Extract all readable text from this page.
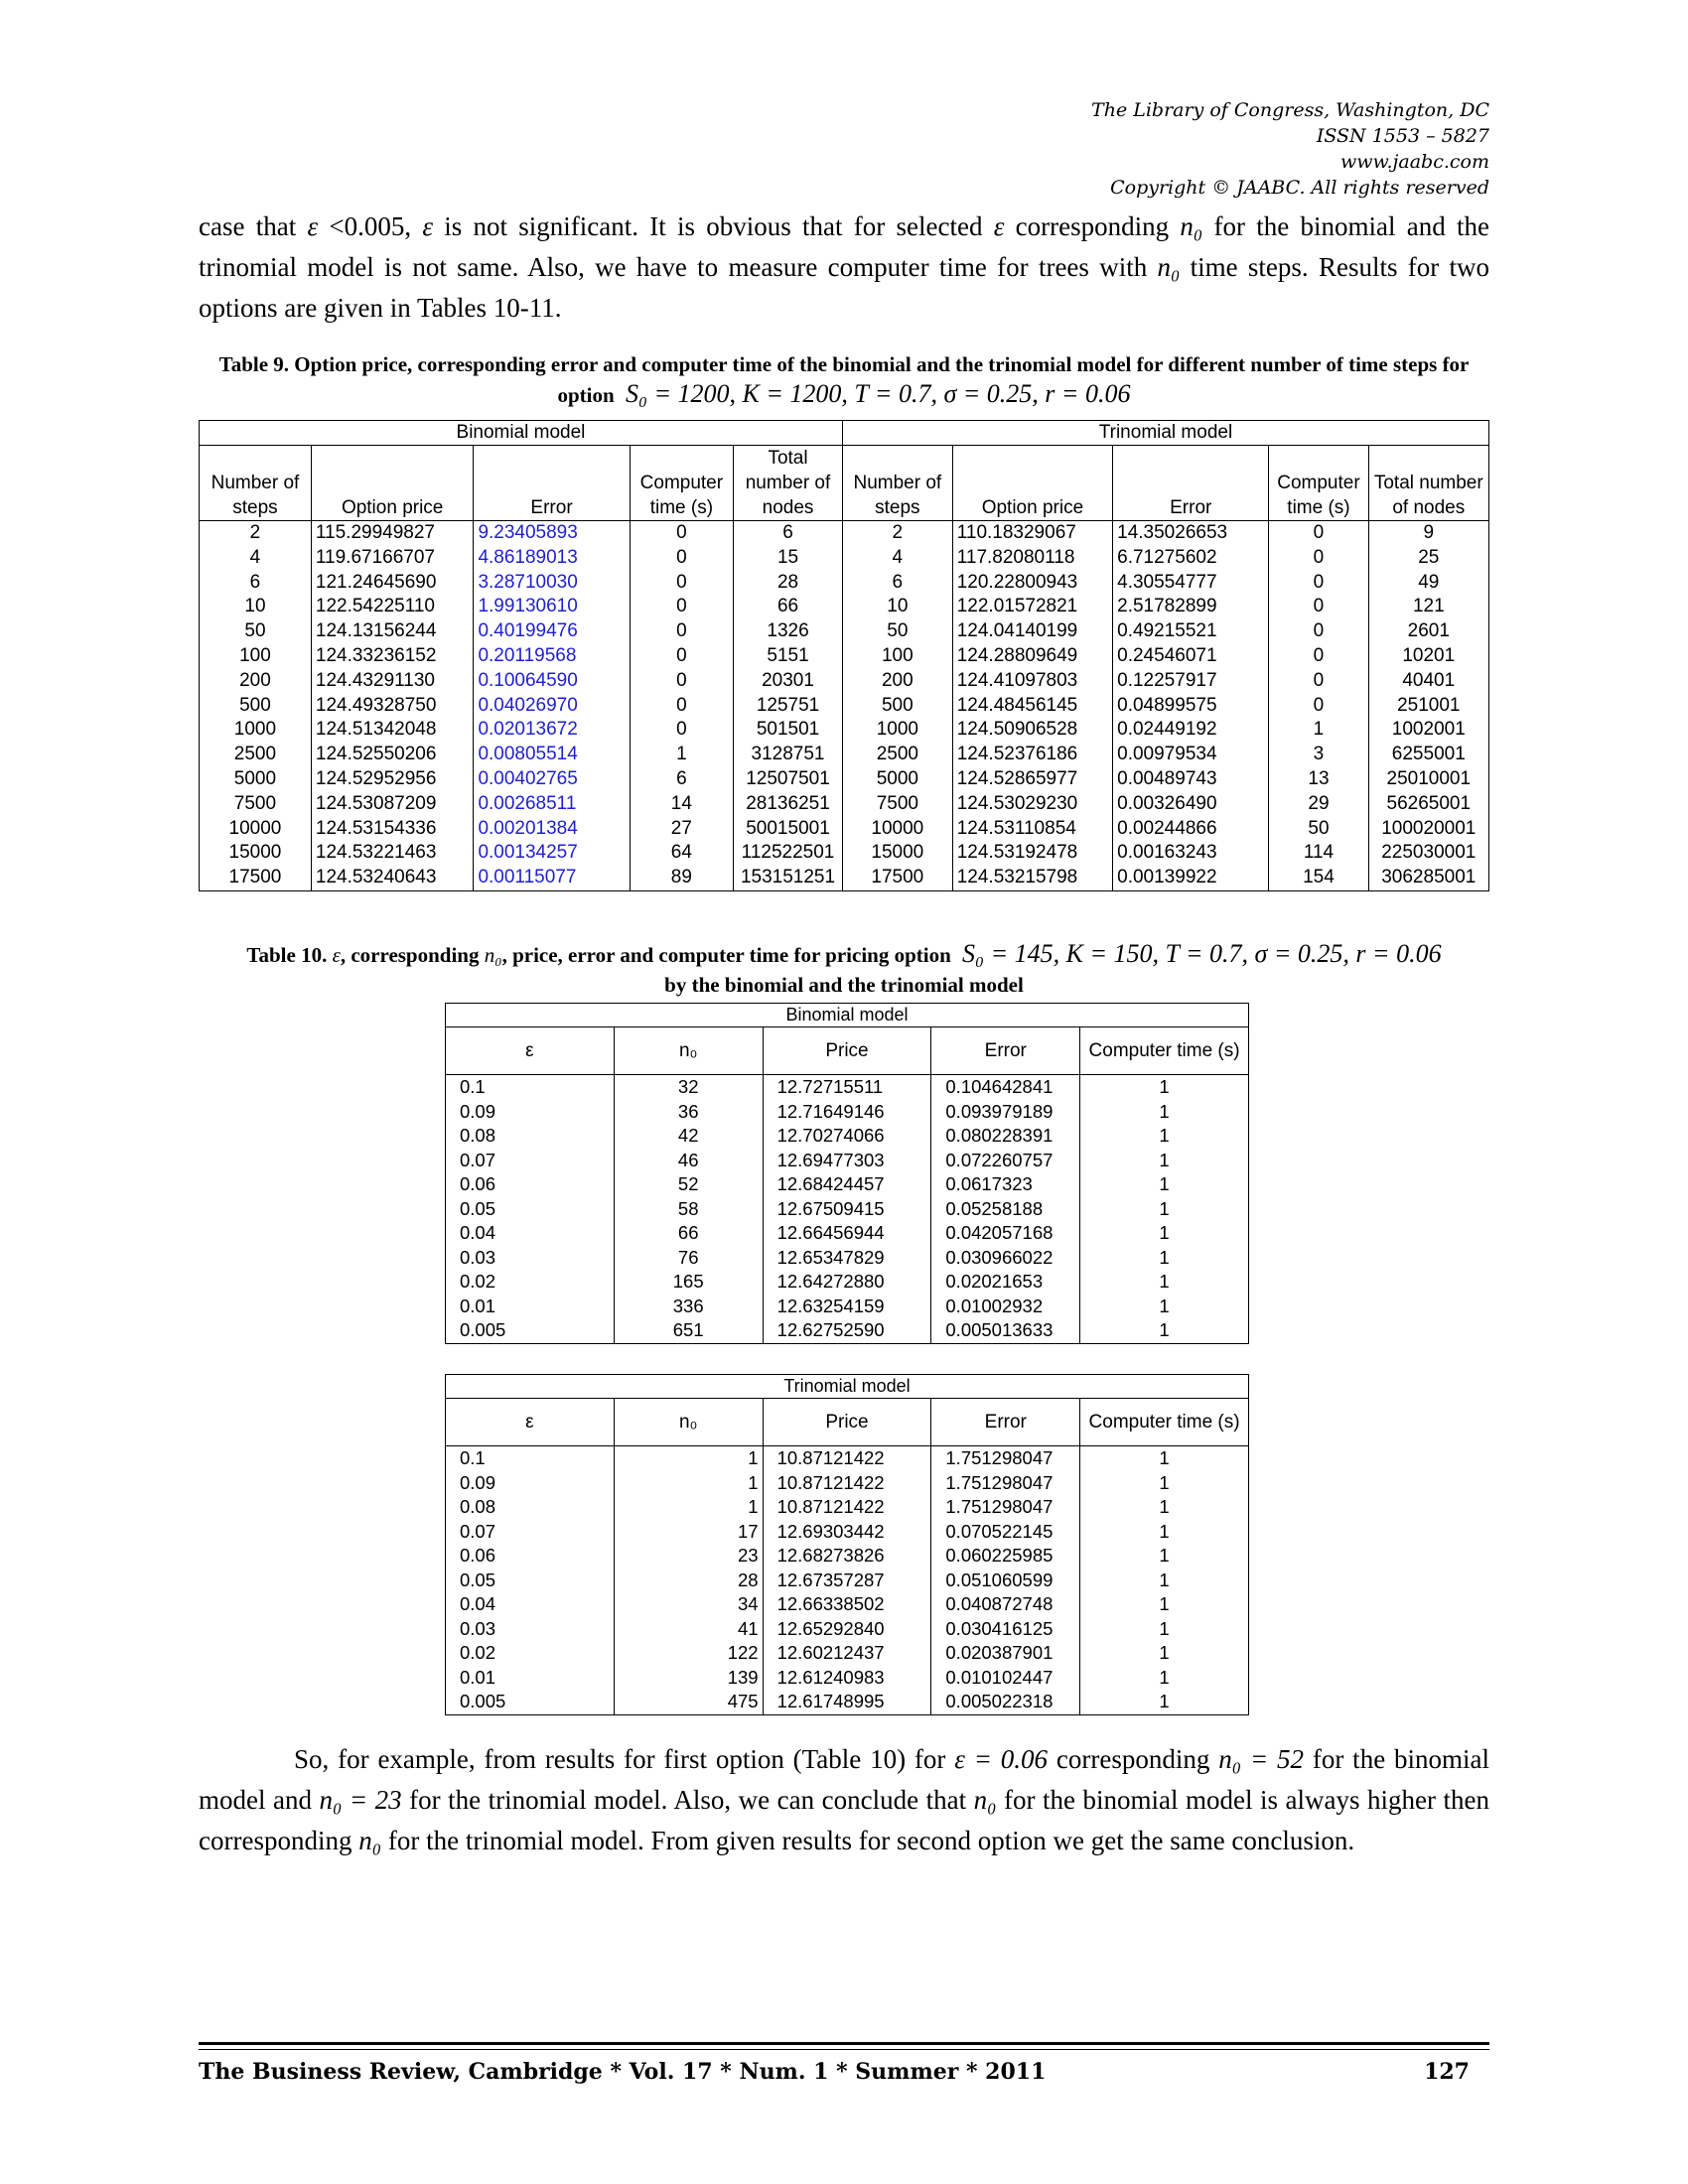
The Library of Congress, Washington, DC
ISSN 1553 – 5827
www.jaabc.com
Copyright © JAABC. All rights reserved
case that ε <0.005, ε is not significant. It is obvious that for selected ε corresponding n₀ for the binomial and the trinomial model is not same. Also, we have to measure computer time for trees with n₀ time steps. Results for two options are given in Tables 10-11.
Table 9. Option price, corresponding error and computer time of the binomial and the trinomial model for different number of time steps for option S₀ = 1200, K = 1200, T = 0.7, σ = 0.25, r = 0.06
Binomial model					Trinomial model				
Number of steps	Option price	Error	Computer time (s)	Total number of nodes	Number of steps	Option price	Error	Computer time (s)	Total number of nodes
2	115.29949827	9.23405893	0	6	2	110.18329067	14.35026653	0	9
4	119.67166707	4.86189013	0	15	4	117.82080118	6.71275602	0	25
6	121.24645690	3.28710030	0	28	6	120.22800943	4.30554777	0	49
10	122.54225110	1.99130610	0	66	10	122.01572821	2.51782899	0	121
50	124.13156244	0.40199476	0	1326	50	124.04140199	0.49215521	0	2601
100	124.33236152	0.20119568	0	5151	100	124.28809649	0.24546071	0	10201
200	124.43291130	0.10064590	0	20301	200	124.41097803	0.12257917	0	40401
500	124.49328750	0.04026970	0	125751	500	124.48456145	0.04899575	0	251001
1000	124.51342048	0.02013672	0	501501	1000	124.50906528	0.02449192	1	1002001
2500	124.52550206	0.00805514	1	3128751	2500	124.52376186	0.00979534	3	6255001
5000	124.52952956	0.00402765	6	12507501	5000	124.52865977	0.00489743	13	25010001
7500	124.53087209	0.00268511	14	28136251	7500	124.53029230	0.00326490	29	56265001
10000	124.53154336	0.00201384	27	50015001	10000	124.53110854	0.00244866	50	100020001
15000	124.53221463	0.00134257	64	112522501	15000	124.53192478	0.00163243	114	225030001
17500	124.53240643	0.00115077	89	153151251	17500	124.53215798	0.00139922	154	306285001
Table 10. ε, corresponding n₀, price, error and computer time for pricing option S₀ = 145, K = 150, T = 0.7, σ = 0.25, r = 0.06
by the binomial and the trinomial model
Binomial model				
ε	n₀	Price	Error	Computer time (s)
0.1	32	12.72715511	0.104642841	1
0.09	36	12.71649146	0.093979189	1
0.08	42	12.70274066	0.080228391	1
0.07	46	12.69477303	0.072260757	1
0.06	52	12.68424457	0.0617323	1
0.05	58	12.67509415	0.05258188	1
0.04	66	12.66456944	0.042057168	1
0.03	76	12.65347829	0.030966022	1
0.02	165	12.64272880	0.02021653	1
0.01	336	12.63254159	0.01002932	1
0.005	651	12.62752590	0.005013633	1
Trinomial model				
ε	n₀	Price	Error	Computer time (s)
0.1	1	10.87121422	1.751298047	1
0.09	1	10.87121422	1.751298047	1
0.08	1	10.87121422	1.751298047	1
0.07	17	12.69303442	0.070522145	1
0.06	23	12.68273826	0.060225985	1
0.05	28	12.67357287	0.051060599	1
0.04	34	12.66338502	0.040872748	1
0.03	41	12.65292840	0.030416125	1
0.02	122	12.60212437	0.020387901	1
0.01	139	12.61240983	0.010102447	1
0.005	475	12.61748995	0.005022318	1
So, for example, from results for first option (Table 10) for ε = 0.06 corresponding n₀ = 52 for the binomial model and n₀ = 23 for the trinomial model. Also, we can conclude that n₀ for the binomial model is always higher then corresponding n₀ for the trinomial model. From given results for second option we get the same conclusion.
The Business Review, Cambridge * Vol. 17 * Num. 1 * Summer * 2011	127
